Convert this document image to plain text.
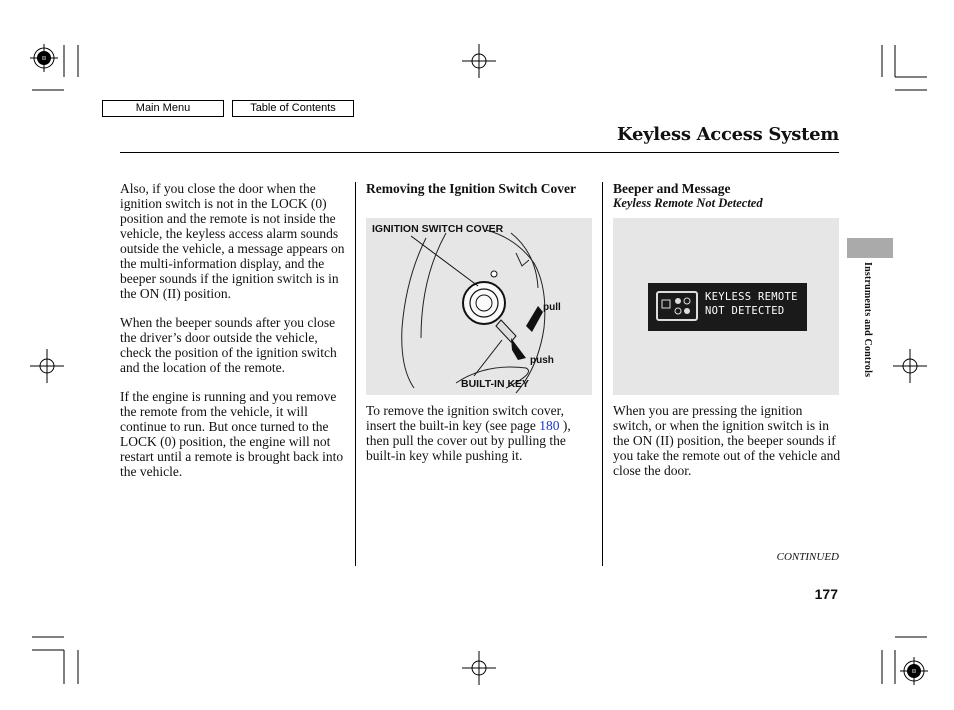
Main Menu	Table of Contents
Keyless Access System

Also, if you close the door when the ignition switch is not in the LOCK (0) position and the remote is not inside the vehicle, the keyless access alarm sounds outside the vehicle, a message appears on the multi-information display, and the beeper sounds if the ignition switch is in the ON (II) position.

When the beeper sounds after you close the driver’s door outside the vehicle, check the position of the ignition switch and the location of the remote.

If the engine is running and you remove the remote from the vehicle, it will continue to run. But once turned to the LOCK (0) position, the engine will not restart until a remote is brought back into the vehicle.

Removing the Ignition Switch Cover
IGNITION SWITCH COVER
pull
push
BUILT-IN KEY
To remove the ignition switch cover, insert the built-in key (see page 180 ), then pull the cover out by pulling the built-in key while pushing it.
Beeper and Message
Keyless Remote Not Detected
KEYLESS REMOTE
NOT DETECTED
When you are pressing the ignition switch, or when the ignition switch is in the ON (II) position, the beeper sounds if you take the remote out of the vehicle and close the door.
Instruments and Controls
CONTINUED
177
